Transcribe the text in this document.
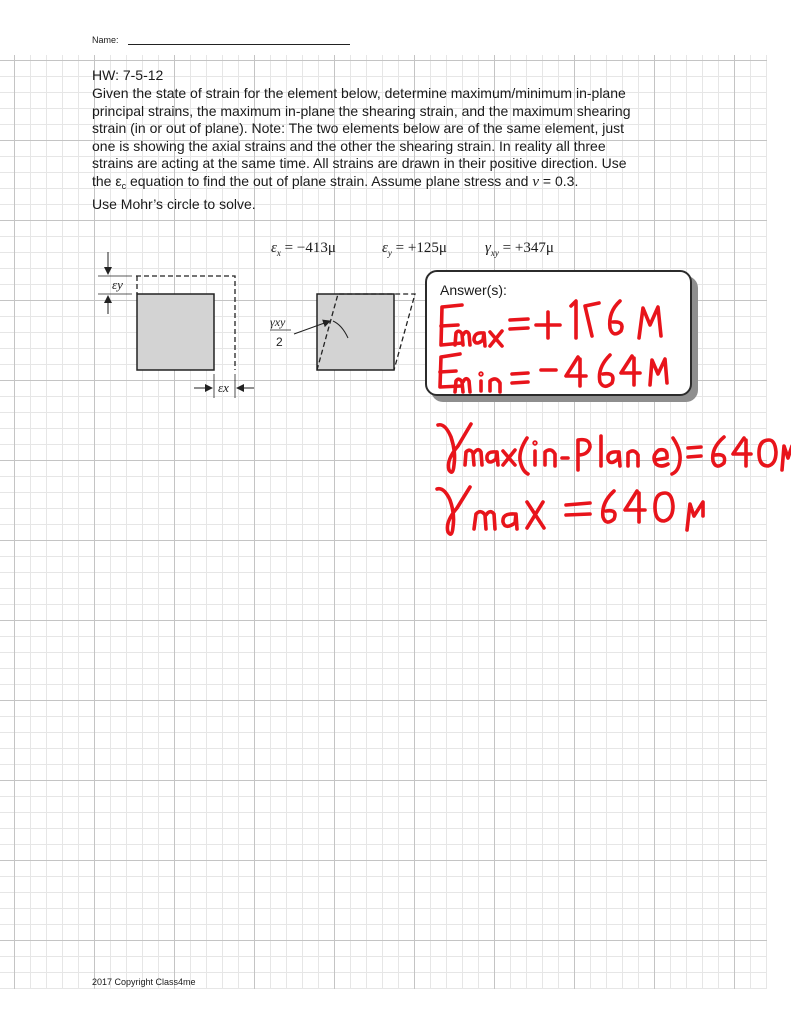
Name:
HW: 7-5-12

Given the state of strain for the element below, determine maximum/minimum in-plane
principal strains, the maximum in-plane the shearing strain, and the maximum shearing
strain (in or out of plane). Note: The two elements below are of the same element, just
one is showing the axial strains and the other the shearing strain. In reality all three
strains are acting at the same time. All strains are drawn in their positive direction. Use
the $\varepsilon_c$ equation to find the out of plane strain. Assume plane stress and ν = 0.3.
Use Mohr’s circle to solve.

$\varepsilon_x = -413\mu$	$\varepsilon_y = +125\mu$	$\gamma_{xy} = +347\mu$
εy
εx
γxy
2
Answer(s):
2017 Copyright Class4me
